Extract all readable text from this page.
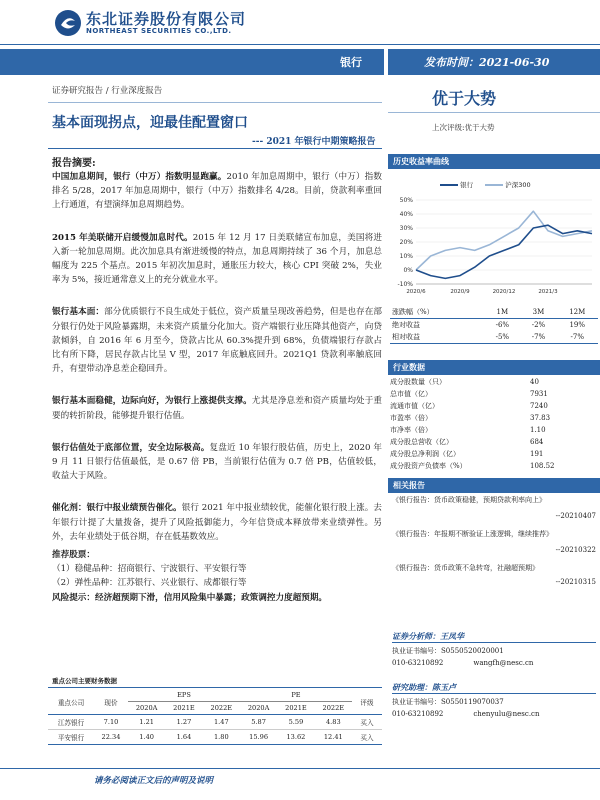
东北证券股份有限公司
NORTHEAST SECURITIES CO.,LTD.
银行	发布时间：2021-06-30
证券研究报告 / 行业深度报告	优于大势
上次评级:优于大势
基本面现拐点，迎最佳配置窗口
--- 2021 年银行中期策略报告
报告摘要:

中国加息期间，银行（中万）指数明显跑赢。2010 年加息周期中，银行（中万）指数排名 5/28，2017 年加息周期中，银行（中万）指数排名 4/28。目前，贷款利率重回上行通道，有望演绎加息周期趋势。

2015 年美联储开启缓慢加息时代。2015 年 12 月 17 日美联储宣布加息，美国将进入新一轮加息周期。此次加息具有渐进缓慢的特点，加息周期持续了 36 个月，加息总幅度为 225 个基点。2015 年初次加息时，通胀压力较大，核心 CPI 突破 2%，失业率为 5%，接近通常意义上的充分就业水平。

银行基本面：部分优质银行不良生成处于低位，资产质量呈现改善趋势，但是也存在部分银行仍处于风险暴露期，未来资产质量分化加大。资产端银行业压降其他资产，向贷款倾斜，自 2016 年 6 月至今，贷款占比从 60.3%提升到 68%，负债端银行存款占比有所下降，居民存款占比呈 V 型，2017 年底触底回升。2021Q1 贷款利率触底回升，有望带动净息差企稳回升。

银行基本面稳健，边际向好，为银行上涨提供支撑。尤其是净息差和资产质量均处于重要的转折阶段，能够提升银行估值。

银行估值处于底部位置，安全边际极高。复盘近 10 年银行股估值，历史上，2020 年 9 月 11 日银行估值最低，是 0.67 倍 PB，当前银行估值为 0.7 倍 PB，估值较低，收益大于风险。

催化剂：银行中报业绩预告催化。银行 2021 年中报业绩较优，能催化银行股上涨。去年银行计提了大量拨备，提升了风险抵御能力，今年信贷成本释放带来业绩弹性。另外，去年业绩处于低谷期，存在低基数效应。

推荐股票：
（1）稳健品种：招商银行、宁波银行、平安银行等
（2）弹性品种：江苏银行、兴业银行、成都银行等
风险提示：经济超预期下滑，信用风险集中暴露；政策调控力度超预期。
重点公司主要财务数据
重点公司	现价	EPS			PE			评级
		2020A	2021E	2022E	2020A	2021E	2022E	
江苏银行	7.10	1.21	1.27	1.47	5.87	5.59	4.83	买入
平安银行	22.34	1.40	1.64	1.80	15.96	13.62	12.41	买入
历史收益率曲线
银行	沪深300
-10%
0%
10%
20%
30%
40%
50%
2020/6	2020/9	2020/12	2021/3
涨跌幅（%）	1M	3M	12M
绝对收益	-6%	-2%	19%
相对收益	-5%	-7%	-7%
行业数据
成分股数量（只）	40
总市值（亿）	7931
流通市值（亿）	7240
市盈率（倍）	37.83
市净率（倍）	1.10
成分股总营收（亿）	684
成分股总净利润（亿）	191
成分股资产负债率（%）	108.52
相关报告
《银行报告：货币政策稳健，预期贷款利率向上》
--20210407
《银行报告：年报期不断验证上涨逻辑，继续推荐》
--20210322
《银行报告：货币政策不急转弯，社融超预期》
--20210315
证券分析师：王凤华
执业证书编号：S0550520020001
010-63210892	wangfh@nesc.cn
研究助理：陈玉卢
执业证书编号：S0550119070037
010-63210892	chenyulu@nesc.cn
请务必阅读正文后的声明及说明
